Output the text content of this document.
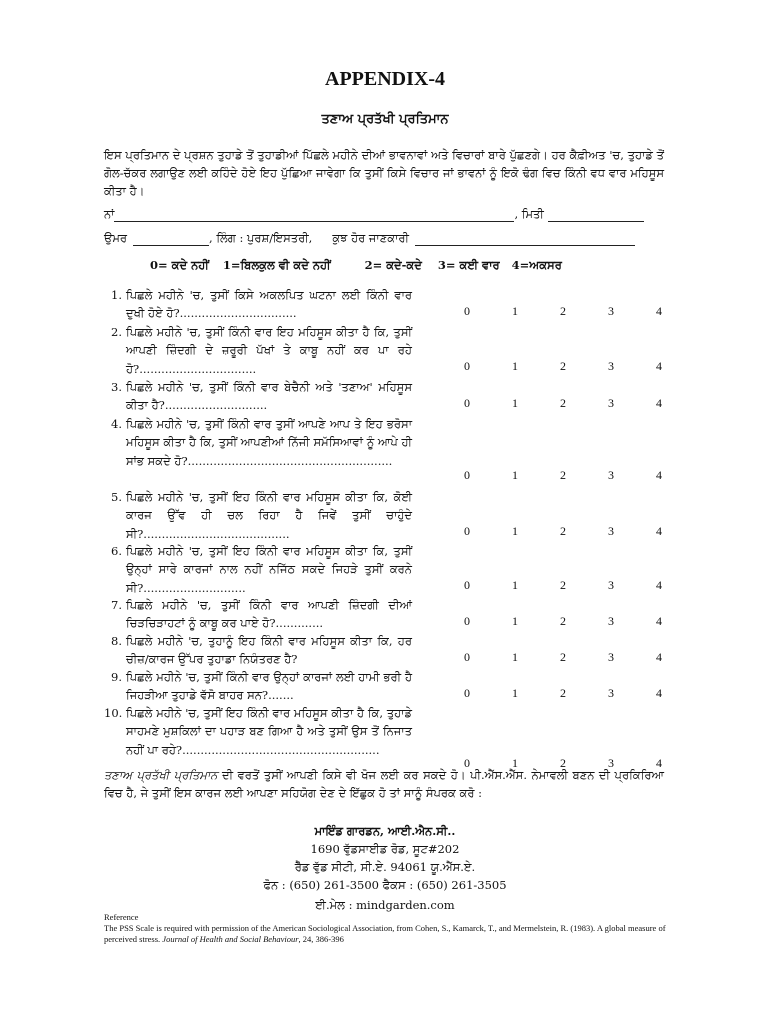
APPENDIX-4
ਤਣਾਅ ਪ੍ਰਤੱਖੀ ਪ੍ਰਤਿਮਾਨ
ਇਸ ਪ੍ਰਤਿਮਾਨ ਦੇ ਪ੍ਰਸ਼ਨ ਤੁਹਾਡੇ ਤੋਂ ਤੁਹਾਡੀਆਂ ਪਿੱਛਲੇ ਮਹੀਨੇ ਦੀਆਂ ਭਾਵਨਾਵਾਂ ਅਤੇ ਵਿਚਾਰਾਂ ਬਾਰੇ ਪੁੱਛਣਗੇ। ਹਰ ਕੈਫ਼ੀਅਤ 'ਚ, ਤੁਹਾਡੇ ਤੋਂ ਗੋਲ-ਚੱਕਰ ਲਗਾਉਣ ਲਈ ਕਹਿੰਦੇ ਹੋਏ ਇਹ ਪੁੱਛਿਆ ਜਾਵੇਗਾ ਕਿ ਤੁਸੀਂ ਕਿਸੇ ਵਿਚਾਰ ਜਾਂ ਭਾਵਨਾਂ ਨੂੰ ਇਕੋ ਢੰਗ ਵਿਚ ਕਿੰਨੀ ਵਧ ਵਾਰ ਮਹਿਸੂਸ ਕੀਤਾ ਹੈ।
ਨਾਂ	, ਮਿਤੀ
ਉਮਰ	, ਲਿੰਗ : ਪੁਰਸ਼/ਇਸਤਰੀ, ਕੁਝ ਹੋਰ ਜਾਣਕਾਰੀ
0= ਕਦੇ ਨਹੀਂ 1=ਬਿਲਕੁਲ ਵੀ ਕਦੇ ਨਹੀਂ	2= ਕਦੇ-ਕਦੇ 3= ਕਈ ਵਾਰ 4=ਅਕਸਰ
1. ਪਿਛਲੇ ਮਹੀਨੇ 'ਚ, ਤੁਸੀਂ ਕਿਸੇ ਅਕਲਪਿਤ ਘਟਨਾ ਲਈ ਕਿੰਨੀ ਵਾਰ ਦੁਖੀ ਹੋਏ ਹੋ?................................	0	1	2	3	4
2. ਪਿਛਲੇ ਮਹੀਨੇ 'ਚ, ਤੁਸੀਂ ਕਿੰਨੀ ਵਾਰ ਇਹ ਮਹਿਸੂਸ ਕੀਤਾ ਹੈ ਕਿ, ਤੁਸੀਂ ਆਪਣੀ ਜ਼ਿੰਦਗੀ ਦੇ ਜ਼ਰੂਰੀ ਪੱਖਾਂ ਤੇ ਕਾਬੂ ਨਹੀਂ ਕਰ ਪਾ ਰਹੇ ਹੋ?................................	0	1	2	3	4
3. ਪਿਛਲੇ ਮਹੀਨੇ 'ਚ, ਤੁਸੀਂ ਕਿੰਨੀ ਵਾਰ ਬੇਚੈਨੀ ਅਤੇ 'ਤਣਾਅ' ਮਹਿਸੂਸ ਕੀਤਾ ਹੈ?............................	0	1	2	3	4
4. ਪਿਛਲੇ ਮਹੀਨੇ 'ਚ, ਤੁਸੀਂ ਕਿੰਨੀ ਵਾਰ ਤੁਸੀਂ ਆਪਣੇ ਆਪ ਤੇ ਇਹ ਭਰੋਸਾ ਮਹਿਸੂਸ ਕੀਤਾ ਹੈ ਕਿ, ਤੁਸੀਂ ਆਪਣੀਆਂ ਨਿੱਜੀ ਸਮੱਸਿਆਵਾਂ ਨੂੰ ਆਪੇ ਹੀ ਸਾਂਭ ਸਕਦੇ ਹੋ?........................................................
0	1	2	3	4
5. ਪਿਛਲੇ ਮਹੀਨੇ 'ਚ, ਤੁਸੀਂ ਇਹ ਕਿੰਨੀ ਵਾਰ ਮਹਿਸੂਸ ਕੀਤਾ ਕਿ, ਕੋਈ ਕਾਰਜ ਉੱਵ ਹੀ ਚਲ ਰਿਹਾ ਹੈ ਜਿਵੇਂ ਤੁਸੀਂ ਚਾਹੁੰਦੇ ਸੀ?........................................	0	1	2	3	4
6. ਪਿਛਲੇ ਮਹੀਨੇ 'ਚ, ਤੁਸੀਂ ਇਹ ਕਿੰਨੀ ਵਾਰ ਮਹਿਸੂਸ ਕੀਤਾ ਕਿ, ਤੁਸੀਂ ਉਨ੍ਹਾਂ ਸਾਰੇ ਕਾਰਜਾਂ ਨਾਲ ਨਹੀਂ ਨਜਿੱਠ ਸਕਦੇ ਜਿਹੜੇ ਤੁਸੀਂ ਕਰਨੇ ਸੀ?............................	0	1	2	3	4
7. ਪਿਛਲੇ ਮਹੀਨੇ 'ਚ, ਤੁਸੀਂ ਕਿੰਨੀ ਵਾਰ ਆਪਣੀ ਜ਼ਿੰਦਗੀ ਦੀਆਂ ਚਿੜਚਿੜਾਹਟਾਂ ਨੂੰ ਕਾਬੂ ਕਰ ਪਾਏ ਹੋ?.............	0	1	2	3	4
8. ਪਿਛਲੇ ਮਹੀਨੇ 'ਚ, ਤੁਹਾਨੂੰ ਇਹ ਕਿੰਨੀ ਵਾਰ ਮਹਿਸੂਸ ਕੀਤਾ ਕਿ, ਹਰ ਚੀਜ਼/ਕਾਰਜ ਉੱਪਰ ਤੁਹਾਡਾ ਨਿਯੰਤਰਣ ਹੈ?	0	1	2	3	4
9. ਪਿਛਲੇ ਮਹੀਨੇ 'ਚ, ਤੁਸੀਂ ਕਿੰਨੀ ਵਾਰ ਉਨ੍ਹਾਂ ਕਾਰਜਾਂ ਲਈ ਹਾਮੀ ਭਰੀ ਹੈ ਜਿਹੜੀਆ ਤੁਹਾਡੇ ਵੱਸੋ ਬਾਹਰ ਸਨ?.......	0	1	2	3	4
10. ਪਿਛਲੇ ਮਹੀਨੇ 'ਚ, ਤੁਸੀਂ ਇਹ ਕਿੰਨੀ ਵਾਰ ਮਹਿਸੂਸ ਕੀਤਾ ਹੈ ਕਿ, ਤੁਹਾਡੇ ਸਾਹਮਣੇ ਮੁਸ਼ਕਿਲਾਂ ਦਾ ਪਹਾੜ ਬਣ ਗਿਆ ਹੈ ਅਤੇ ਤੁਸੀਂ ਉਸ ਤੋਂ ਨਿਜਾਤ ਨਹੀਂ ਪਾ ਰਹੇ?......................................................
0	1	2	3	4
ਤਣਾਅ ਪ੍ਰਤੱਖੀ ਪ੍ਰਤਿਮਾਨ ਦੀ ਵਰਤੋਂ ਤੁਸੀਂ ਆਪਣੀ ਕਿਸੇ ਵੀ ਖੋਜ ਲਈ ਕਰ ਸਕਦੇ ਹੋ। ਪੀ.ਐੱਸ.ਐੱਸ. ਨੇਮਾਵਲੀ ਬਣਨ ਦੀ ਪ੍ਰਕਿਰਿਆ ਵਿਚ ਹੈ, ਜੇ ਤੁਸੀਂ ਇਸ ਕਾਰਜ ਲਈ ਆਪਣਾ ਸਹਿਯੋਗ ਦੇਣ ਦੇ ਇੱਛੁਕ ਹੋ ਤਾਂ ਸਾਨੂੰ ਸੰਪਰਕ ਕਰੋ :
ਮਾਇੰਡ ਗਾਰਡਨ, ਆਈ.ਐਨ.ਸੀ..
1690 ਵੁੱਡਸਾਈਡ ਰੋਡ, ਸੂਟ#202
ਰੈੱਡ ਵੁੱਡ ਸੀਟੀ, ਸੀ.ਏ. 94061 ਯੂ.ਐੱਸ.ਏ.
ਫੋਨ : (650) 261-3500 ਫੈਕਸ : (650) 261-3505
ਈ.ਮੇਲ : mindgarden.com
Reference
The PSS Scale is required with permission of the American Sociological Association, from Cohen, S., Kamarck, T., and Mermelstein, R. (1983). A global measure of perceived stress. Journal of Health and Social Behaviour, 24, 386-396
